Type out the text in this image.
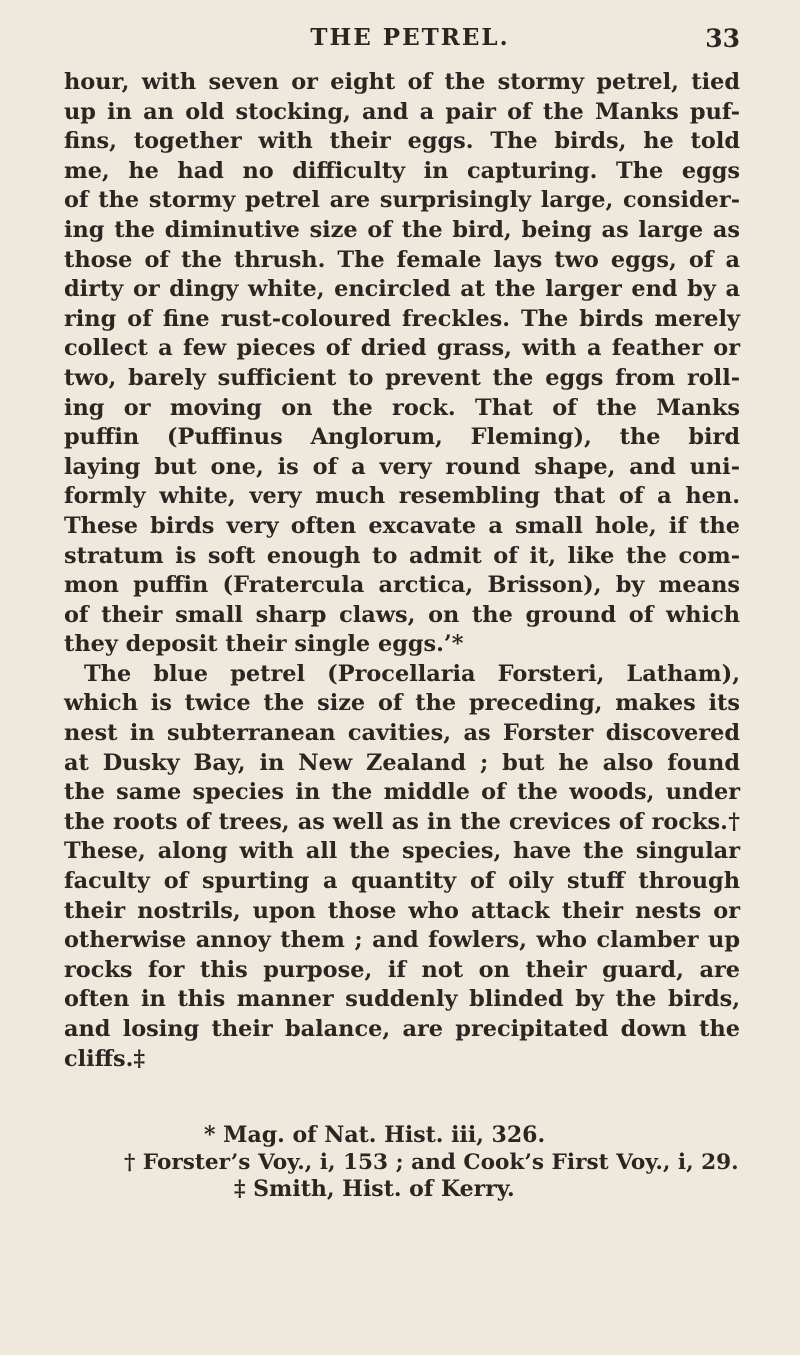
THE PETREL.	33
hour, with seven or eight of the stormy petrel, tied
up in an old stocking, and a pair of the Manks puf-
fins, together with their eggs. The birds, he told
me, he had no difficulty in capturing. The eggs
of the stormy petrel are surprisingly large, consider-
ing the diminutive size of the bird, being as large as
those of the thrush. The female lays two eggs, of a
dirty or dingy white, encircled at the larger end by a
ring of fine rust-coloured freckles. The birds merely
collect a few pieces of dried grass, with a feather or
two, barely sufficient to prevent the eggs from roll-
ing or moving on the rock. That of the Manks
puffin (Puffinus Anglorum, Fleming), the bird
laying but one, is of a very round shape, and uni-
formly white, very much resembling that of a hen.
These birds very often excavate a small hole, if the
stratum is soft enough to admit of it, like the com-
mon puffin (Fratercula arctica, Brisson), by means
of their small sharp claws, on the ground of which
they deposit their single eggs.’*
The blue petrel (Procellaria Forsteri, Latham),
which is twice the size of the preceding, makes its
nest in subterranean cavities, as Forster discovered
at Dusky Bay, in New Zealand ; but he also found
the same species in the middle of the woods, under
the roots of trees, as well as in the crevices of rocks.†
These, along with all the species, have the singular
faculty of spurting a quantity of oily stuff through
their nostrils, upon those who attack their nests or
otherwise annoy them ; and fowlers, who clamber up
rocks for this purpose, if not on their guard, are
often in this manner suddenly blinded by the birds,
and losing their balance, are precipitated down the
cliffs.‡
* Mag. of Nat. Hist. iii, 326.
† Forster’s Voy., i, 153 ; and Cook’s First Voy., i, 29.
‡ Smith, Hist. of Kerry.
